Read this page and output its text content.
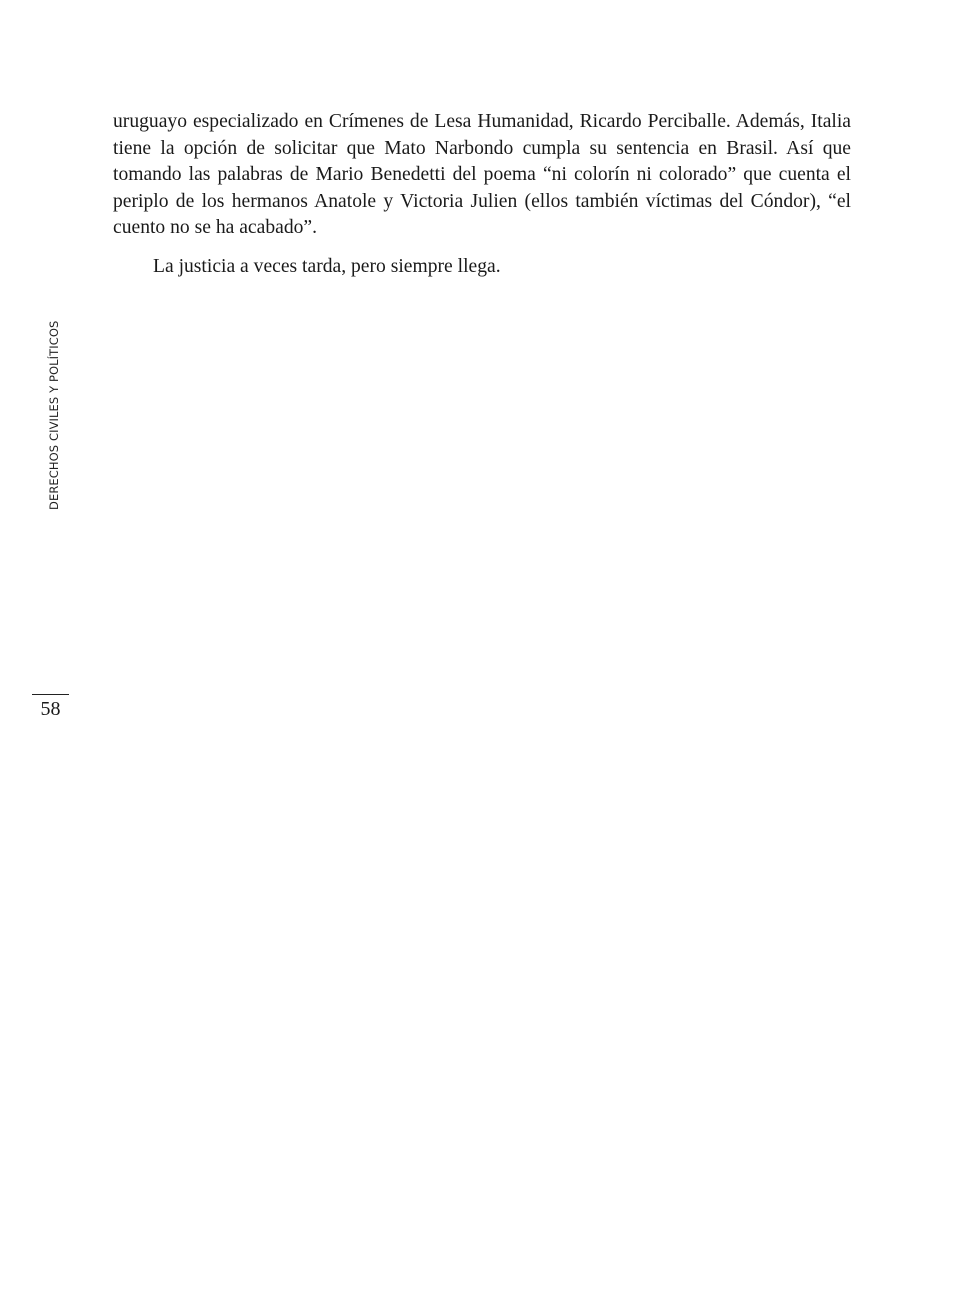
uruguayo especializado en Crímenes de Lesa Humanidad, Ricardo Perciballe. Además, Italia tiene la opción de solicitar que Mato Narbondo cumpla su sentencia en Brasil. Así que tomando las palabras de Mario Benedetti del poema “ni colorín ni colorado” que cuenta el periplo de los hermanos Anatole y Victoria Julien (ellos también víctimas del Cóndor), “el cuento no se ha acabado”.

La justicia a veces tarda, pero siempre llega.

DERECHOS CIVILES Y POLÍTICOS
58
